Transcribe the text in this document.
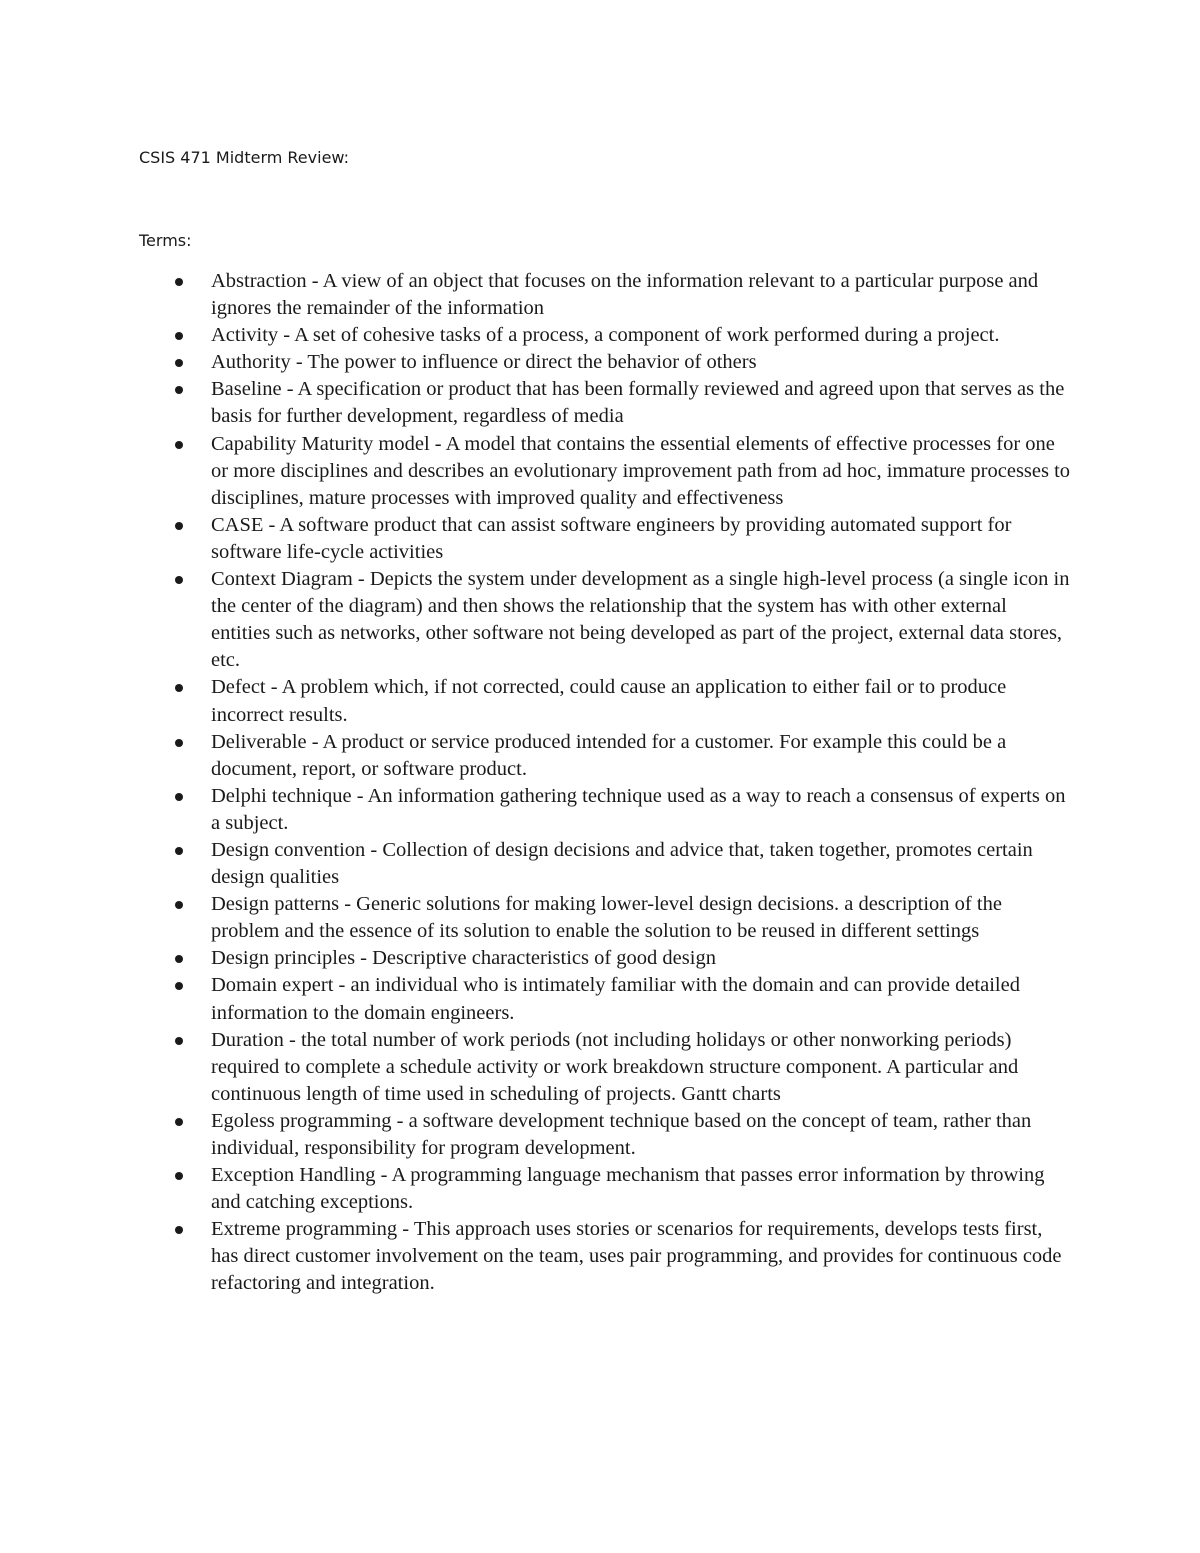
CSIS 471 Midterm Review:
Terms:
Abstraction - A view of an object that focuses on the information relevant to a particular purpose and ignores the remainder of the information
Activity - A set of cohesive tasks of a process, a component of work performed during a project.
Authority - The power to influence or direct the behavior of others
Baseline - A specification or product that has been formally reviewed and agreed upon that serves as the basis for further development, regardless of media
Capability Maturity model - A model that contains the essential elements of effective processes for one or more disciplines and describes an evolutionary improvement path from ad hoc, immature processes to disciplines, mature processes with improved quality and effectiveness
CASE - A software product that can assist software engineers by providing automated support for software life-cycle activities
Context Diagram - Depicts the system under development as a single high-level process (a single icon in the center of the diagram) and then shows the relationship that the system has with other external entities such as networks, other software not being developed as part of the project, external data stores, etc.
Defect - A problem which, if not corrected, could cause an application to either fail or to produce incorrect results.
Deliverable - A product or service produced intended for a customer. For example this could be a document, report, or software product.
Delphi technique - An information gathering technique used as a way to reach a consensus of experts on a subject.
Design convention - Collection of design decisions and advice that, taken together, promotes certain design qualities
Design patterns - Generic solutions for making lower-level design decisions. a description of the problem and the essence of its solution to enable the solution to be reused in different settings
Design principles - Descriptive characteristics of good design
Domain expert - an individual who is intimately familiar with the domain and can provide detailed information to the domain engineers.
Duration - the total number of work periods (not including holidays or other nonworking periods) required to complete a schedule activity or work breakdown structure component. A particular and continuous length of time used in scheduling of projects. Gantt charts
Egoless programming - a software development technique based on the concept of team, rather than individual, responsibility for program development.
Exception Handling - A programming language mechanism that passes error information by throwing and catching exceptions.
Extreme programming - This approach uses stories or scenarios for requirements, develops tests first, has direct customer involvement on the team, uses pair programming, and provides for continuous code refactoring and integration.
